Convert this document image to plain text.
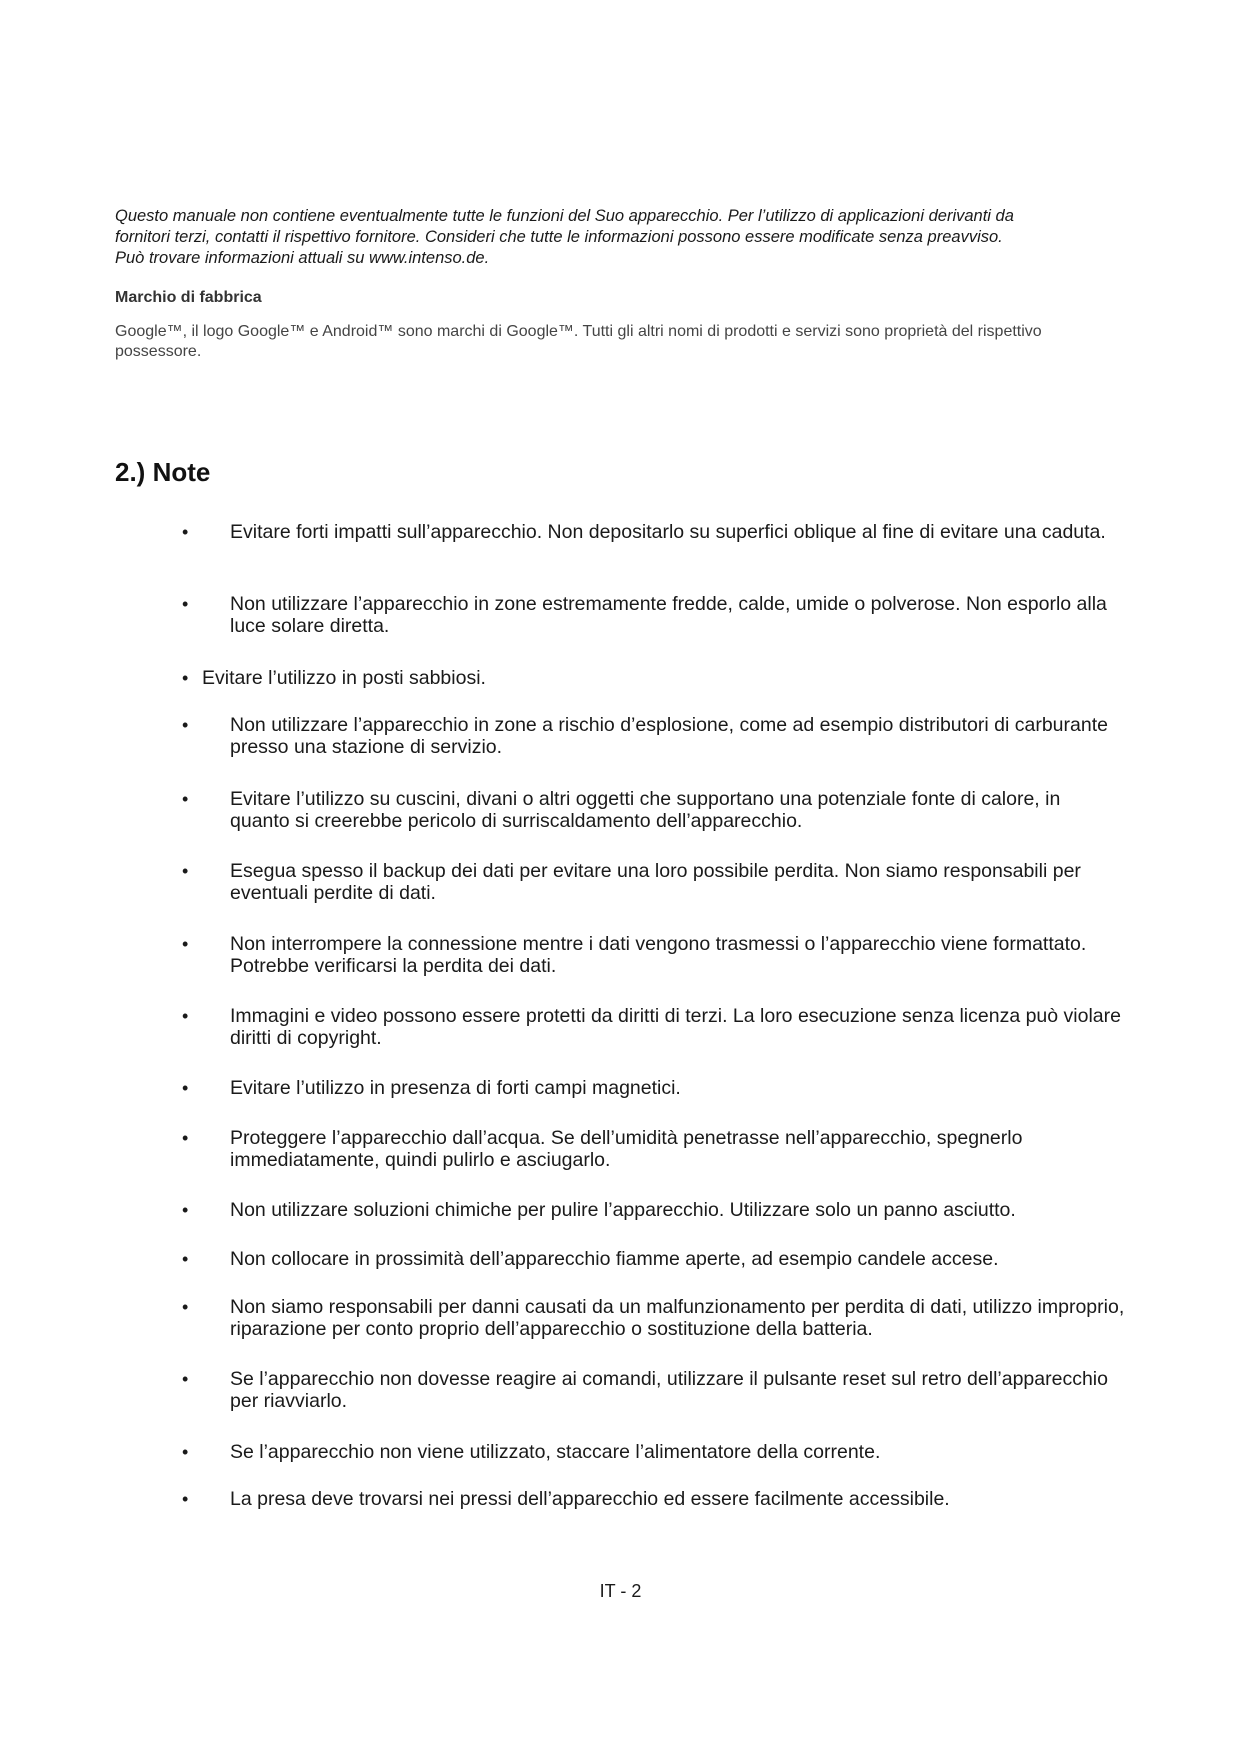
Questo manuale non contiene eventualmente tutte le funzioni del Suo apparecchio. Per l’utilizzo di applicazioni derivanti da

fornitori terzi, contatti il rispettivo fornitore. Consideri che tutte le informazioni possono essere modificate senza preavviso.

Può trovare informazioni attuali su www.intenso.de.

Marchio di fabbrica
Google™, il logo Google™ e Android™ sono marchi di Google™. Tutti gli altri nomi di prodotti e servizi sono proprietà del rispettivo possessore.
2.) Note
• Evitare forti impatti sull’apparecchio. Non depositarlo su superfici oblique al fine di evitare una caduta.
• Non utilizzare l’apparecchio in zone estremamente fredde, calde, umide o polverose. Non esporlo alla luce solare diretta.
• Evitare l’utilizzo in posti sabbiosi.
• Non utilizzare l’apparecchio in zone a rischio d’esplosione, come ad esempio distributori di carburante presso una stazione di servizio.
• Evitare l’utilizzo su cuscini, divani o altri oggetti che supportano una potenziale fonte di calore, in quanto si creerebbe pericolo di surriscaldamento dell’apparecchio.
• Esegua spesso il backup dei dati per evitare una loro possibile perdita. Non siamo responsabili per eventuali perdite di dati.
• Non interrompere la connessione mentre i dati vengono trasmessi o l’apparecchio viene formattato. Potrebbe verificarsi la perdita dei dati.
• Immagini e video possono essere protetti da diritti di terzi. La loro esecuzione senza licenza può violare diritti di copyright.
• Evitare l’utilizzo in presenza di forti campi magnetici.
• Proteggere l’apparecchio dall’acqua. Se dell’umidità penetrasse nell’apparecchio, spegnerlo immediatamente, quindi pulirlo e asciugarlo.
• Non utilizzare soluzioni chimiche per pulire l’apparecchio. Utilizzare solo un panno asciutto.
• Non collocare in prossimità dell’apparecchio fiamme aperte, ad esempio candele accese.
• Non siamo responsabili per danni causati da un malfunzionamento per perdita di dati, utilizzo improprio, riparazione per conto proprio dell’apparecchio o sostituzione della batteria.
• Se l’apparecchio non dovesse reagire ai comandi, utilizzare il pulsante reset sul retro dell’apparecchio per riavviarlo.
• Se l’apparecchio non viene utilizzato, staccare l’alimentatore della corrente.
• La presa deve trovarsi nei pressi dell’apparecchio ed essere facilmente accessibile.
IT - 2
